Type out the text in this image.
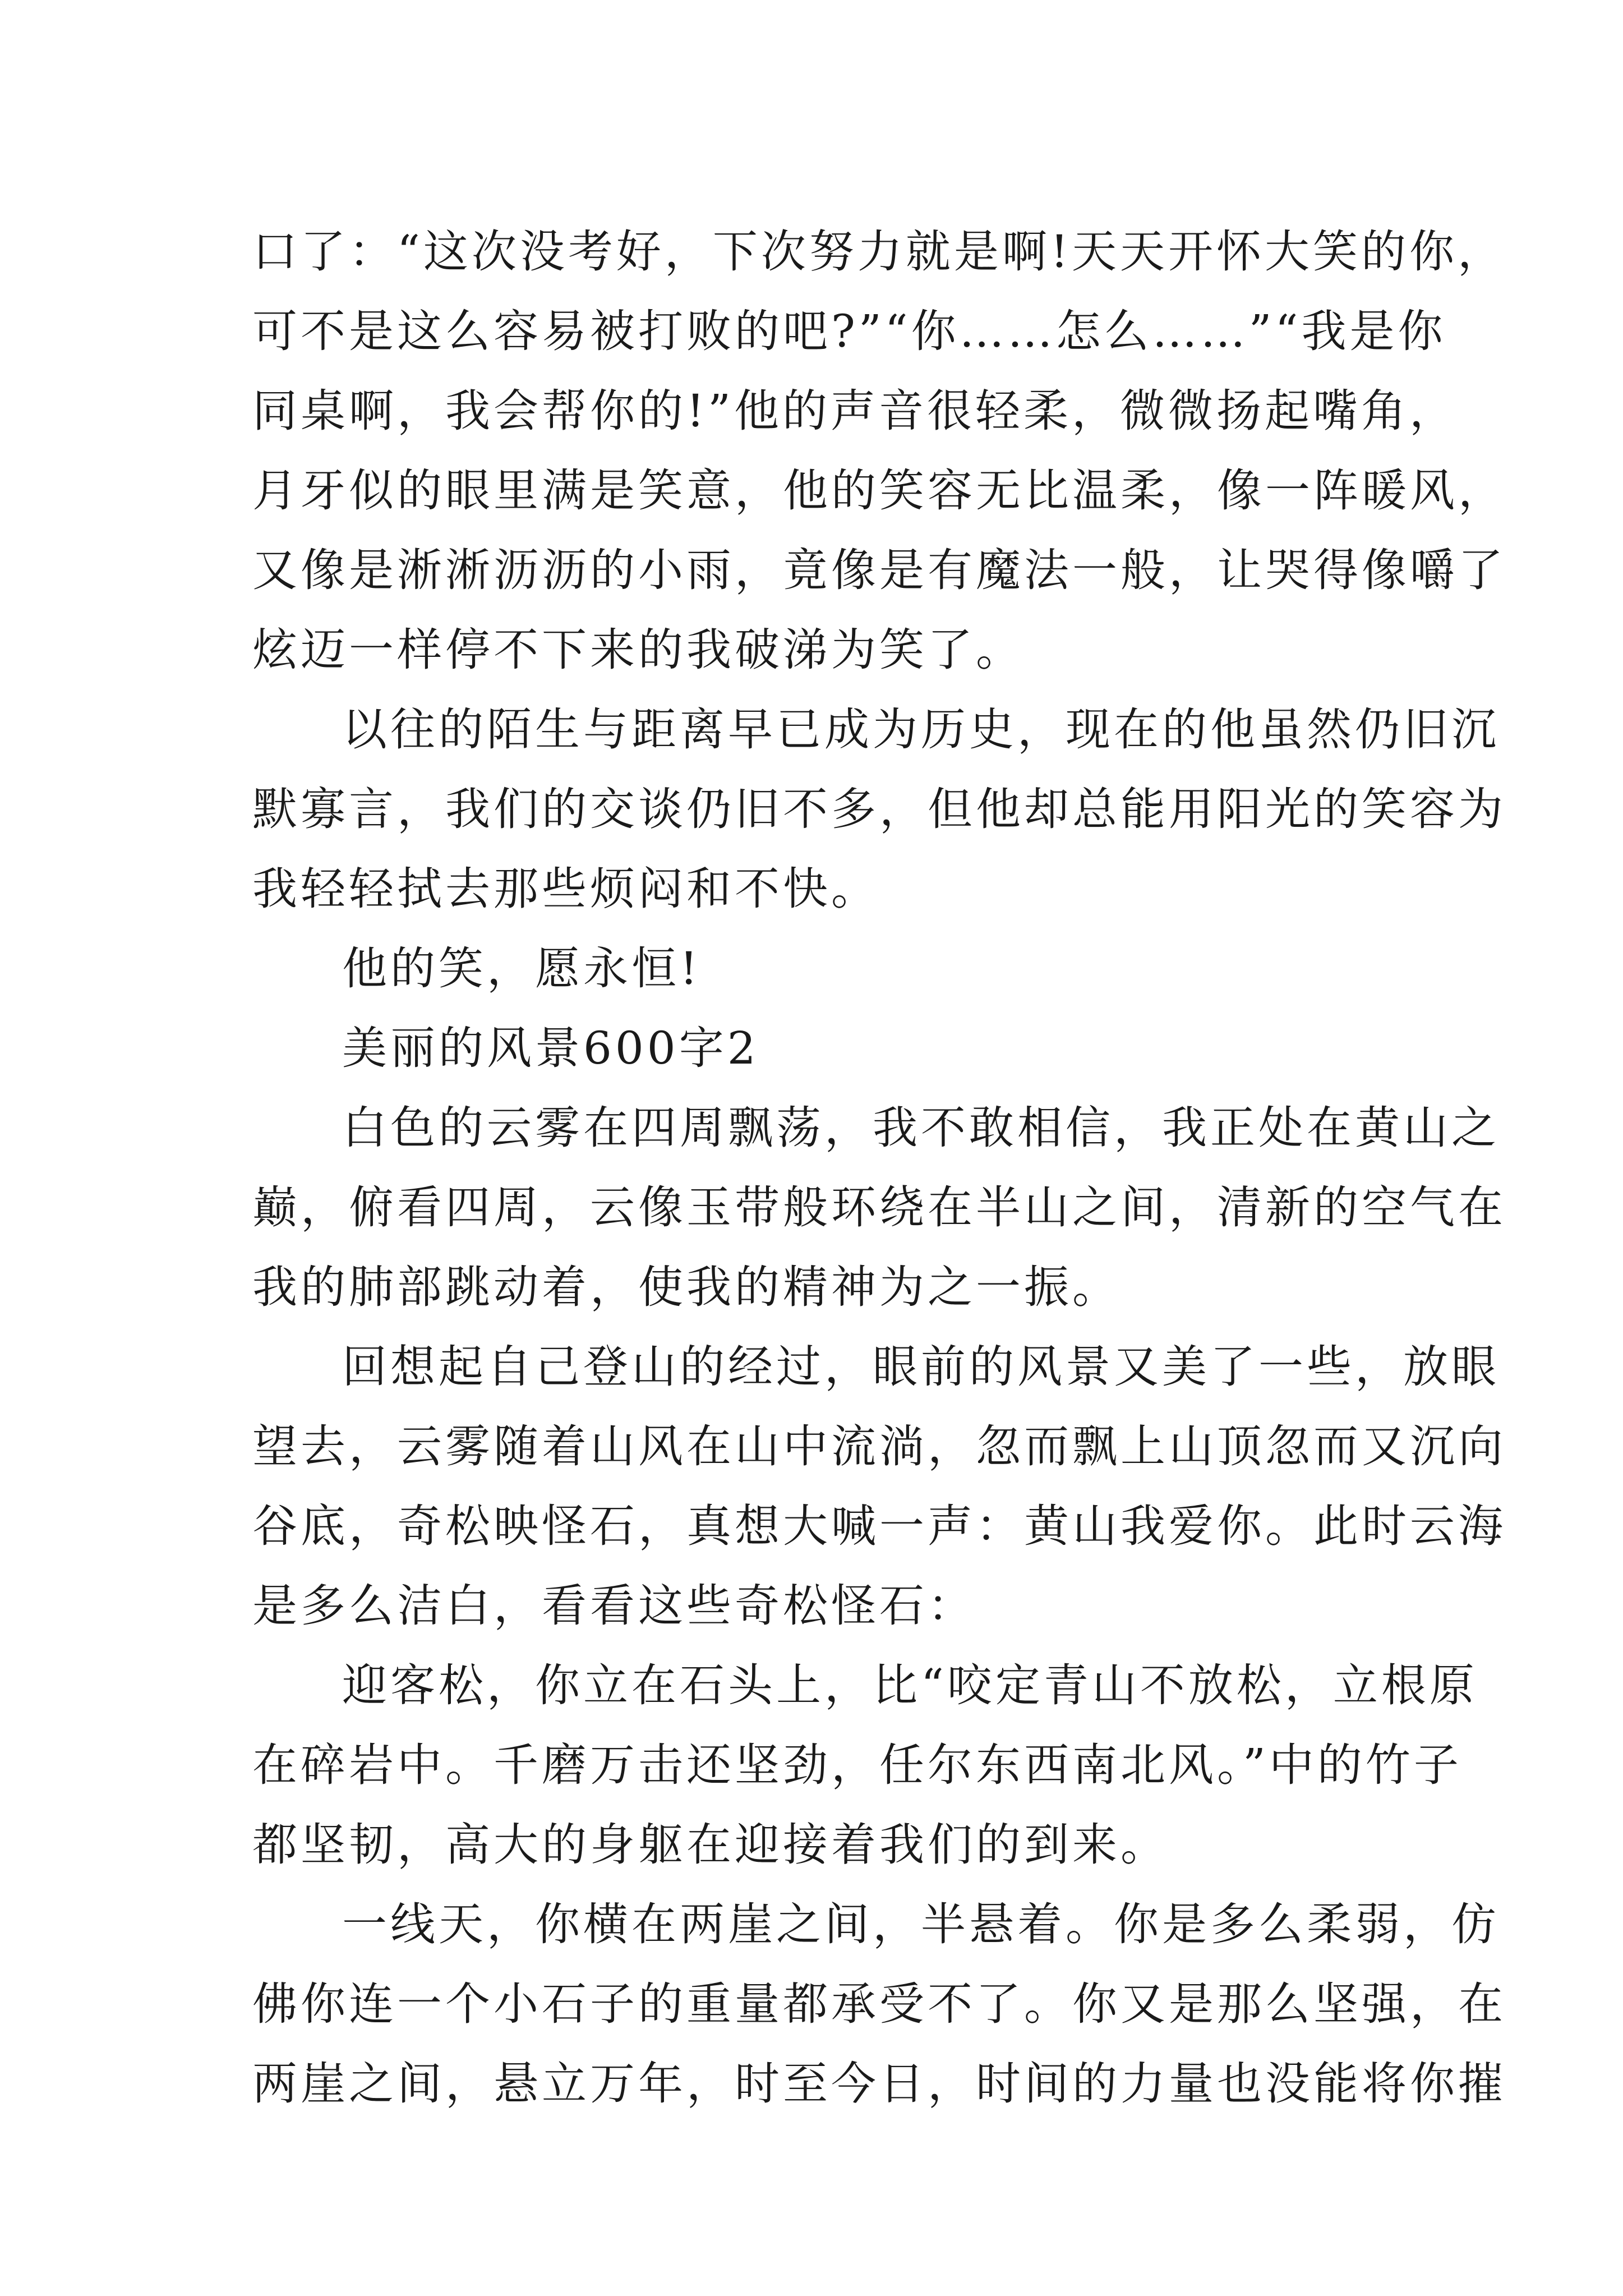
口了：“这次没考好，下次努力就是啊!天天开怀大笑的你，
可不是这么容易被打败的吧?”“你……怎么……”“我是你
同桌啊，我会帮你的!”他的声音很轻柔，微微扬起嘴角，
月牙似的眼里满是笑意，他的笑容无比温柔，像一阵暖风，
又像是淅淅沥沥的小雨，竟像是有魔法一般，让哭得像嚼了
炫迈一样停不下来的我破涕为笑了。
以往的陌生与距离早已成为历史，现在的他虽然仍旧沉
默寡言，我们的交谈仍旧不多，但他却总能用阳光的笑容为
我轻轻拭去那些烦闷和不快。
他的笑，愿永恒!
美丽的风景600字2
白色的云雾在四周飘荡，我不敢相信，我正处在黄山之
巅，俯看四周，云像玉带般环绕在半山之间，清新的空气在
我的肺部跳动着，使我的精神为之一振。
回想起自己登山的经过，眼前的风景又美了一些，放眼
望去，云雾随着山风在山中流淌，忽而飘上山顶忽而又沉向
谷底，奇松映怪石，真想大喊一声：黄山我爱你。此时云海
是多么洁白，看看这些奇松怪石：
迎客松，你立在石头上，比“咬定青山不放松，立根原
在碎岩中。千磨万击还坚劲，任尔东西南北风。”中的竹子
都坚韧，高大的身躯在迎接着我们的到来。
一线天，你横在两崖之间，半悬着。你是多么柔弱，仿
佛你连一个小石子的重量都承受不了。你又是那么坚强，在
两崖之间，悬立万年，时至今日，时间的力量也没能将你摧
